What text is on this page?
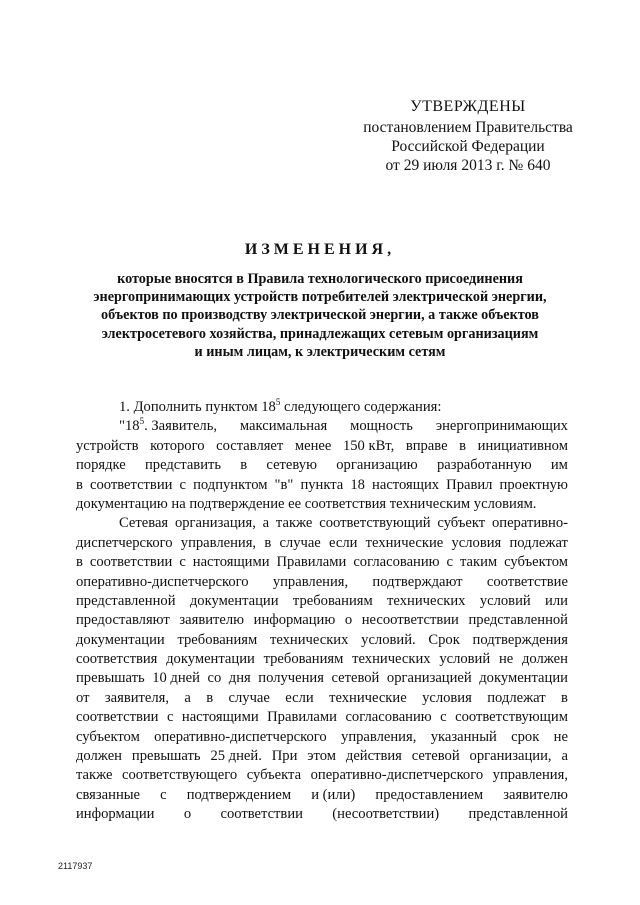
УТВЕРЖДЕНЫ
постановлением Правительства
Российской Федерации
от 29 июля 2013 г. № 640
ИЗМЕНЕНИЯ,
которые вносятся в Правила технологического присоединения
энергопринимающих устройств потребителей электрической энергии,
объектов по производству электрической энергии, а также объектов
электросетевого хозяйства, принадлежащих сетевым организациям
и иным лицам, к электрическим сетям
1. Дополнить пунктом $18^5$ следующего содержания:
"$18^5$. Заявитель, максимальная мощность энергопринимающих
устройств которого составляет менее 150 кВт, вправе в инициативном
порядке представить в сетевую организацию разработанную им
в соответствии с подпунктом "в" пункта 18 настоящих Правил проектную
документацию на подтверждение ее соответствия техническим условиям.
Сетевая организация, а также соответствующий субъект оперативно-
диспетчерского управления, в случае если технические условия подлежат
в соответствии с настоящими Правилами согласованию с таким субъектом
оперативно-диспетчерского управления, подтверждают соответствие
представленной документации требованиям технических условий или
предоставляют заявителю информацию о несоответствии представленной
документации требованиям технических условий. Срок подтверждения
соответствия документации требованиям технических условий не должен
превышать 10 дней со дня получения сетевой организацией документации
от заявителя, а в случае если технические условия подлежат в
соответствии с настоящими Правилами согласованию с соответствующим
субъектом оперативно-диспетчерского управления, указанный срок не
должен превышать 25 дней. При этом действия сетевой организации, а
также соответствующего субъекта оперативно-диспетчерского управления,
связанные с подтверждением и (или) предоставлением заявителю
информации о соответствии (несоответствии) представленной
2117937
